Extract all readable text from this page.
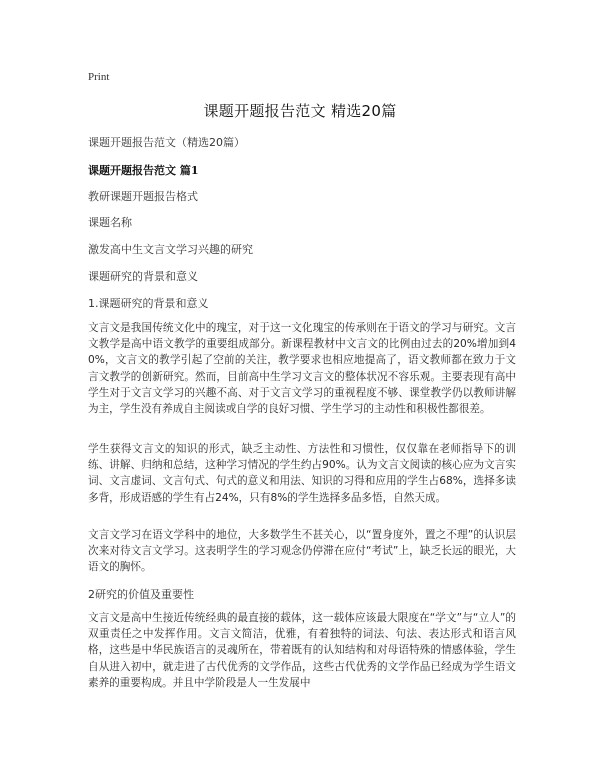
Print
课题开题报告范文 精选20篇

课题开题报告范文（精选20篇）

课题开题报告范文 篇1

教研课题开题报告格式

课题名称

激发高中生文言文学习兴趣的研究

课题研究的背景和意义

1.课题研究的背景和意义

文言文是我国传统文化中的瑰宝，对于这一文化瑰宝的传承则在于语文的学习与研究。文言文教学是高中语文教学的重要组成部分。新课程教材中文言文的比例由过去的20%增加到40%，文言文的教学引起了空前的关注，教学要求也相应地提高了，语文教师都在致力于文言文教学的创新研究。然而，目前高中生学习文言文的整体状况不容乐观。主要表现有高中学生对于文言文学习的兴趣不高、对于文言文学习的重视程度不够、课堂教学仍以教师讲解为主，学生没有养成自主阅读或自学的良好习惯、学生学习的主动性和积极性都很差。

学生获得文言文的知识的形式，缺乏主动性、方法性和习惯性，仅仅靠在老师指导下的训练、讲解、归纳和总结，这种学习情况的学生约占90%。认为文言文阅读的核心应为文言实词、文言虚词、文言句式、句式的意义和用法、知识的习得和应用的学生占68%，选择多读多背，形成语感的学生有占24%，只有8%的学生选择多品多悟，自然天成。

文言文学习在语文学科中的地位，大多数学生不甚关心，以“置身度外，置之不理”的认识层次来对待文言文学习。这表明学生的学习观念仍停滞在应付“考试”上，缺乏长远的眼光，大语文的胸怀。

2研究的价值及重要性

文言文是高中生接近传统经典的最直接的载体，这一载体应该最大限度在“学文”与“立人”的双重责任之中发挥作用。文言文简洁，优雅，有着独特的词法、句法、表达形式和语言风格，这些是中华民族语言的灵魂所在，带着既有的认知结构和对母语特殊的情感体验，学生自从进入初中，就走进了古代优秀的文学作品，这些古代优秀的文学作品已经成为学生语文素养的重要构成。并且中学阶段是人一生发展中
